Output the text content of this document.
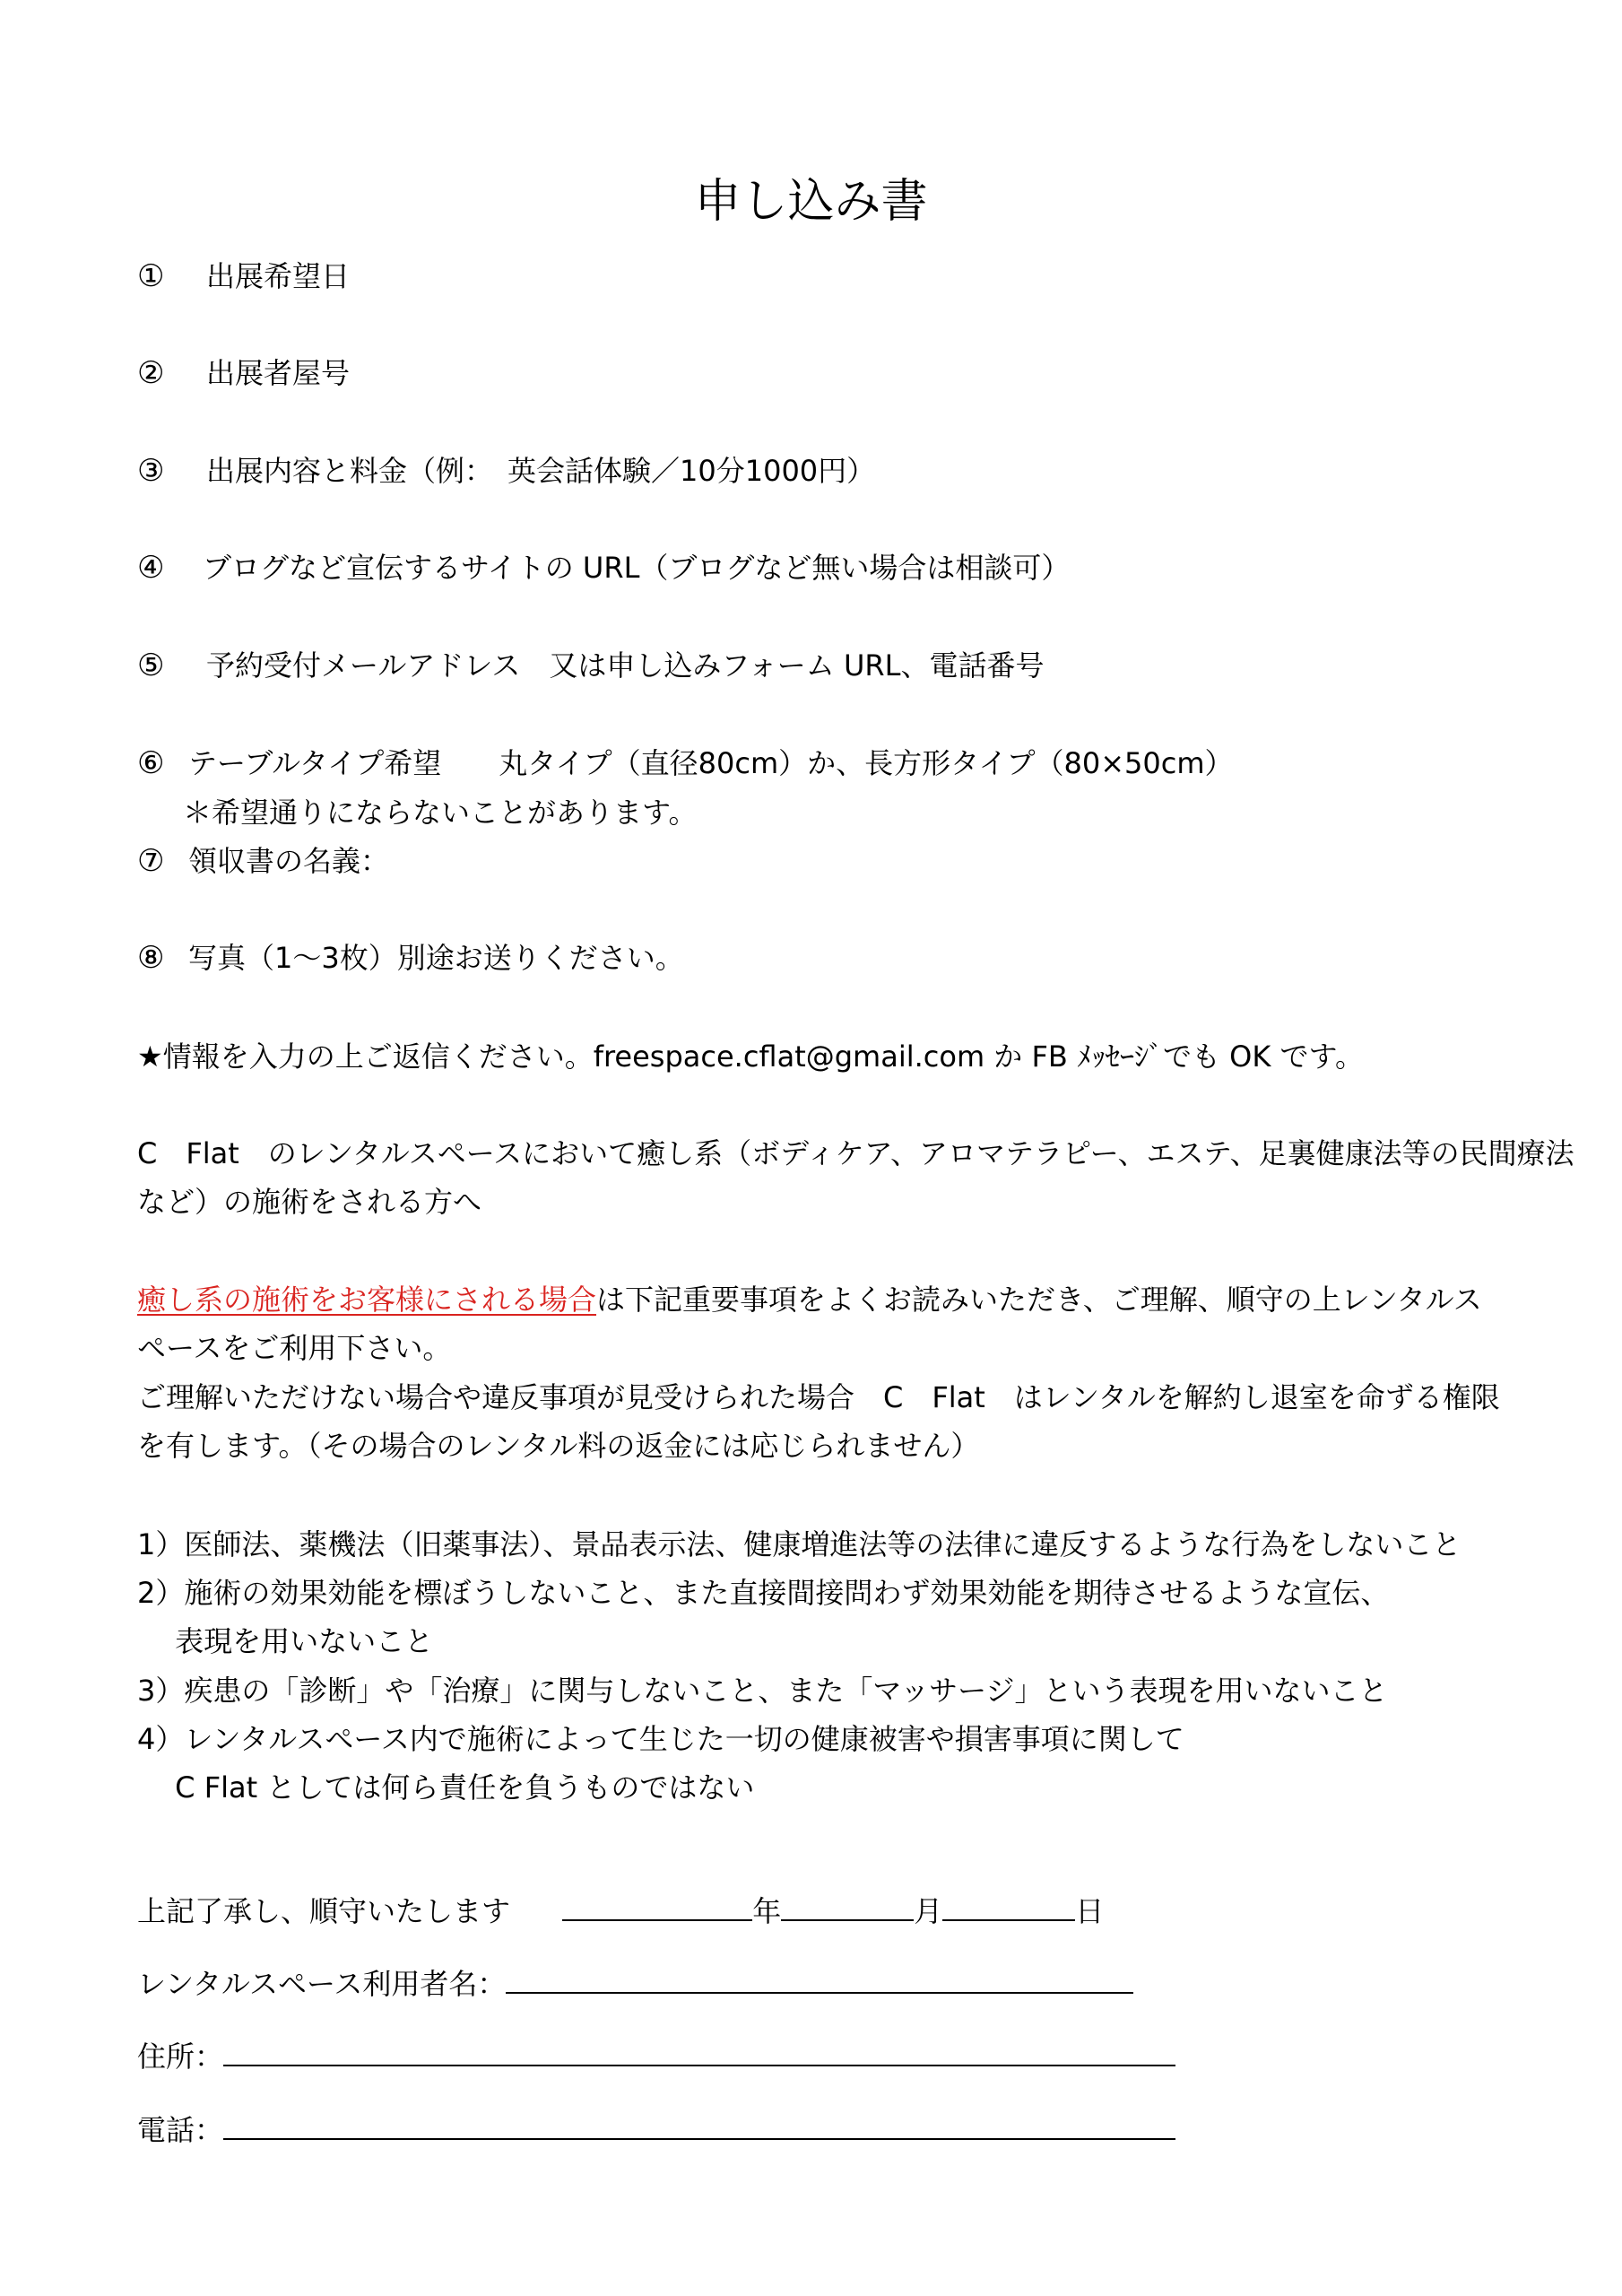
申し込み書
① 出展希望日
② 出展者屋号
③ 出展内容と料金（例：　英会話体験／10分1000円）
④ ブログなど宣伝するサイトの URL（ブログなど無い場合は相談可）
⑤ 予約受付メールアドレス　又は申し込みフォーム URL、電話番号
⑥ テーブルタイプ希望　　丸タイプ（直径80cm）か、長方形タイプ（80×50cm）
＊希望通りにならないことがあります。
⑦ 領収書の名義：
⑧ 写真（1～3枚）別途お送りください。
★情報を入力の上ご返信ください。freespace.cflat@gmail.com か FB ﾒｯｾｰｼﾞでも OK です。
C　Flat　のレンタルスペースにおいて癒し系（ボディケア、アロマテラピー、エステ、足裏健康法等の民間療法
など）の施術をされる方へ
癒し系の施術をお客様にされる場合は下記重要事項をよくお読みいただき、ご理解、順守の上レンタルス
ペースをご利用下さい。
ご理解いただけない場合や違反事項が見受けられた場合　C　Flat　はレンタルを解約し退室を命ずる権限
を有します。（その場合のレンタル料の返金には応じられません）
1）医師法、薬機法（旧薬事法）、景品表示法、健康増進法等の法律に違反するような行為をしないこと
2）施術の効果効能を標ぼうしないこと、また直接間接問わず効果効能を期待させるような宣伝、
　 表現を用いないこと
3）疾患の「診断」や「治療」に関与しないこと、また「マッサージ」という表現を用いないこと
4）レンタルスペース内で施術によって生じた一切の健康被害や損害事項に関して
　 C Flat としては何ら責任を負うものではない
上記了承し、順守いたします	年	月	日
レンタルスペース利用者名：
住所：
電話：
